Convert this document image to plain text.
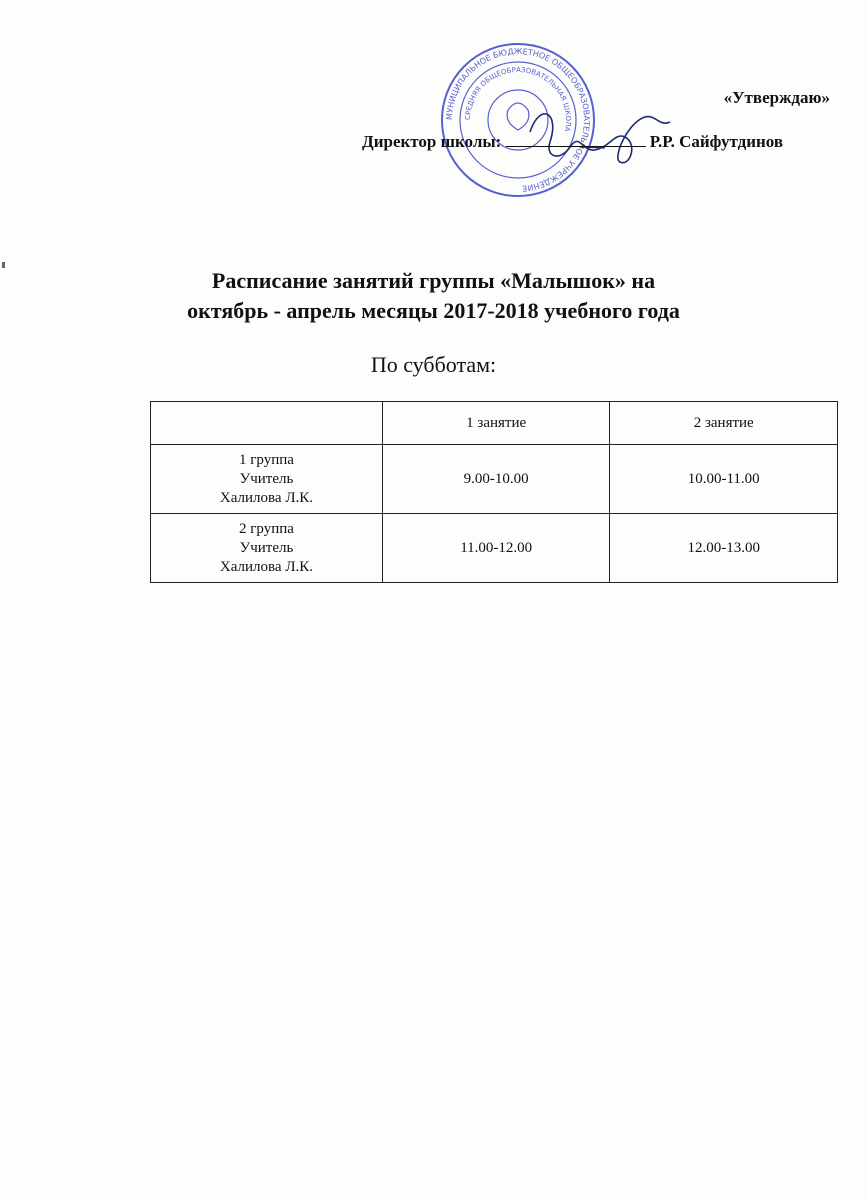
МУНИЦИПАЛЬНОЕ БЮДЖЕТНОЕ ОБЩЕОБРАЗОВАТЕЛЬНОЕ УЧРЕЖДЕНИЕ
СРЕДНЯЯ ОБЩЕОБРАЗОВАТЕЛЬНАЯ ШКОЛА
«Утверждаю»
Директор школы:	Р.Р. Сайфутдинов
Расписание занятий группы «Малышок» на
октябрь - апрель месяцы 2017-2018 учебного года
По субботам:
	1 занятие	2 занятие

1 группа
Учитель
Халилова Л.К.	9.00-10.00	10.00-11.00

2 группа
Учитель
Халилова Л.К.	11.00-12.00	12.00-13.00
